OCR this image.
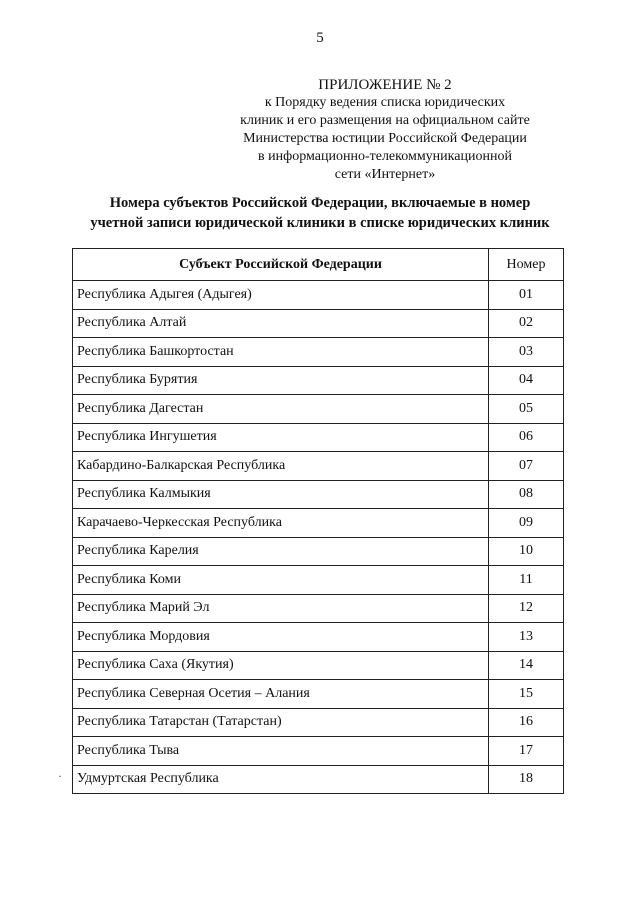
5
ПРИЛОЖЕНИЕ № 2
к Порядку ведения списка юридических
клиник и его размещения на официальном сайте
Министерства юстиции Российской Федерации
в информационно-телекоммуникационной
сети «Интернет»
Номера субъектов Российской Федерации, включаемые в номер
учетной записи юридической клиники в списке юридических клиник
Субъект Российской Федерации	Номер
Республика Адыгея (Адыгея)	01
Республика Алтай	02
Республика Башкортостан	03
Республика Бурятия	04
Республика Дагестан	05
Республика Ингушетия	06
Кабардино-Балкарская Республика	07
Республика Калмыкия	08
Карачаево-Черкесская Республика	09
Республика Карелия	10
Республика Коми	11
Республика Марий Эл	12
Республика Мордовия	13
Республика Саха (Якутия)	14
Республика Северная Осетия – Алания	15
Республика Татарстан (Татарстан)	16
Республика Тыва	17
Удмуртская Республика	18
·
